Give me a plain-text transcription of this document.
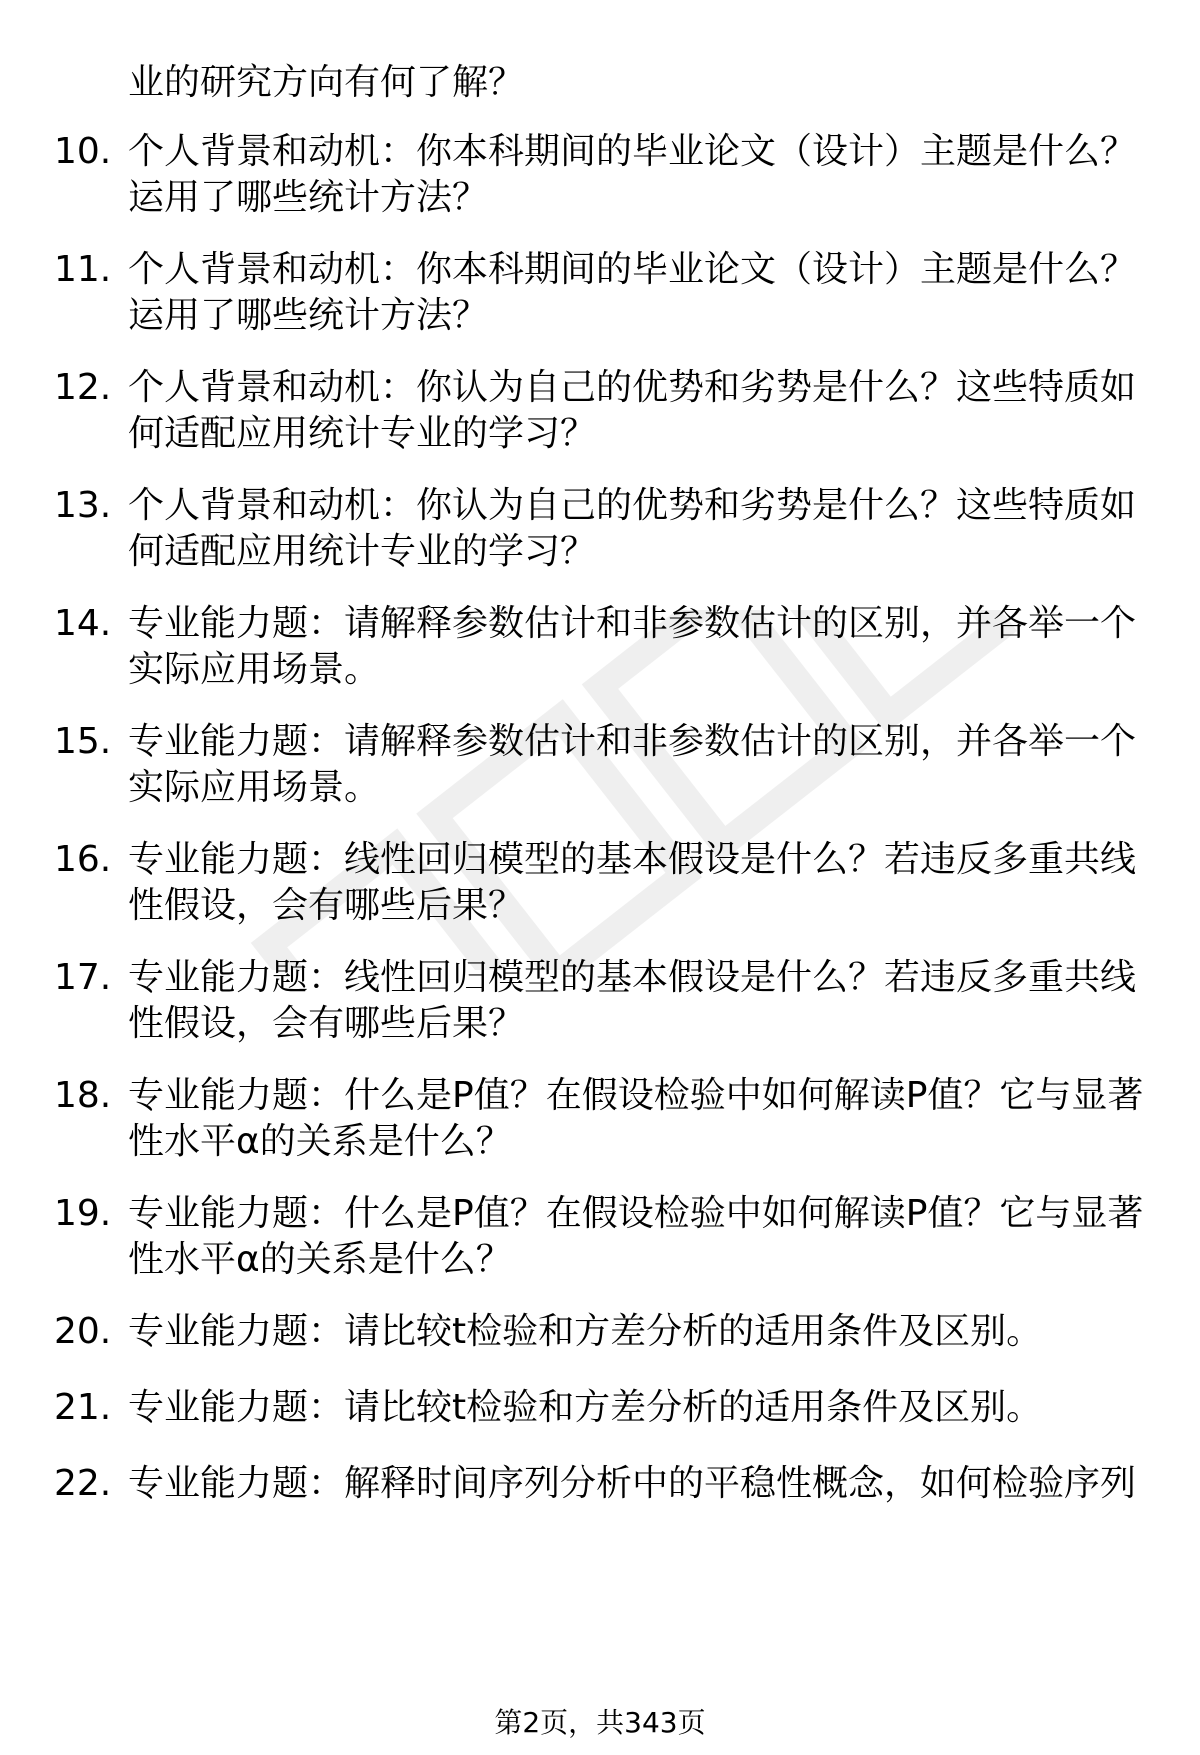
业的研究方向有何了解？

10. 个人背景和动机：你本科期间的毕业论文（设计）主题是什么？运用了哪些统计方法？
11. 个人背景和动机：你本科期间的毕业论文（设计）主题是什么？运用了哪些统计方法？
12. 个人背景和动机：你认为自己的优势和劣势是什么？这些特质如何适配应用统计专业的学习？
13. 个人背景和动机：你认为自己的优势和劣势是什么？这些特质如何适配应用统计专业的学习？
14. 专业能力题：请解释参数估计和非参数估计的区别，并各举一个实际应用场景。
15. 专业能力题：请解释参数估计和非参数估计的区别，并各举一个实际应用场景。
16. 专业能力题：线性回归模型的基本假设是什么？若违反多重共线性假设，会有哪些后果？
17. 专业能力题：线性回归模型的基本假设是什么？若违反多重共线性假设，会有哪些后果？
18. 专业能力题：什么是P值？在假设检验中如何解读P值？它与显著性水平α的关系是什么？
19. 专业能力题：什么是P值？在假设检验中如何解读P值？它与显著性水平α的关系是什么？
20. 专业能力题：请比较t检验和方差分析的适用条件及区别。
21. 专业能力题：请比较t检验和方差分析的适用条件及区别。
22. 专业能力题：解释时间序列分析中的平稳性概念，如何检验序列
第2页，共343页
